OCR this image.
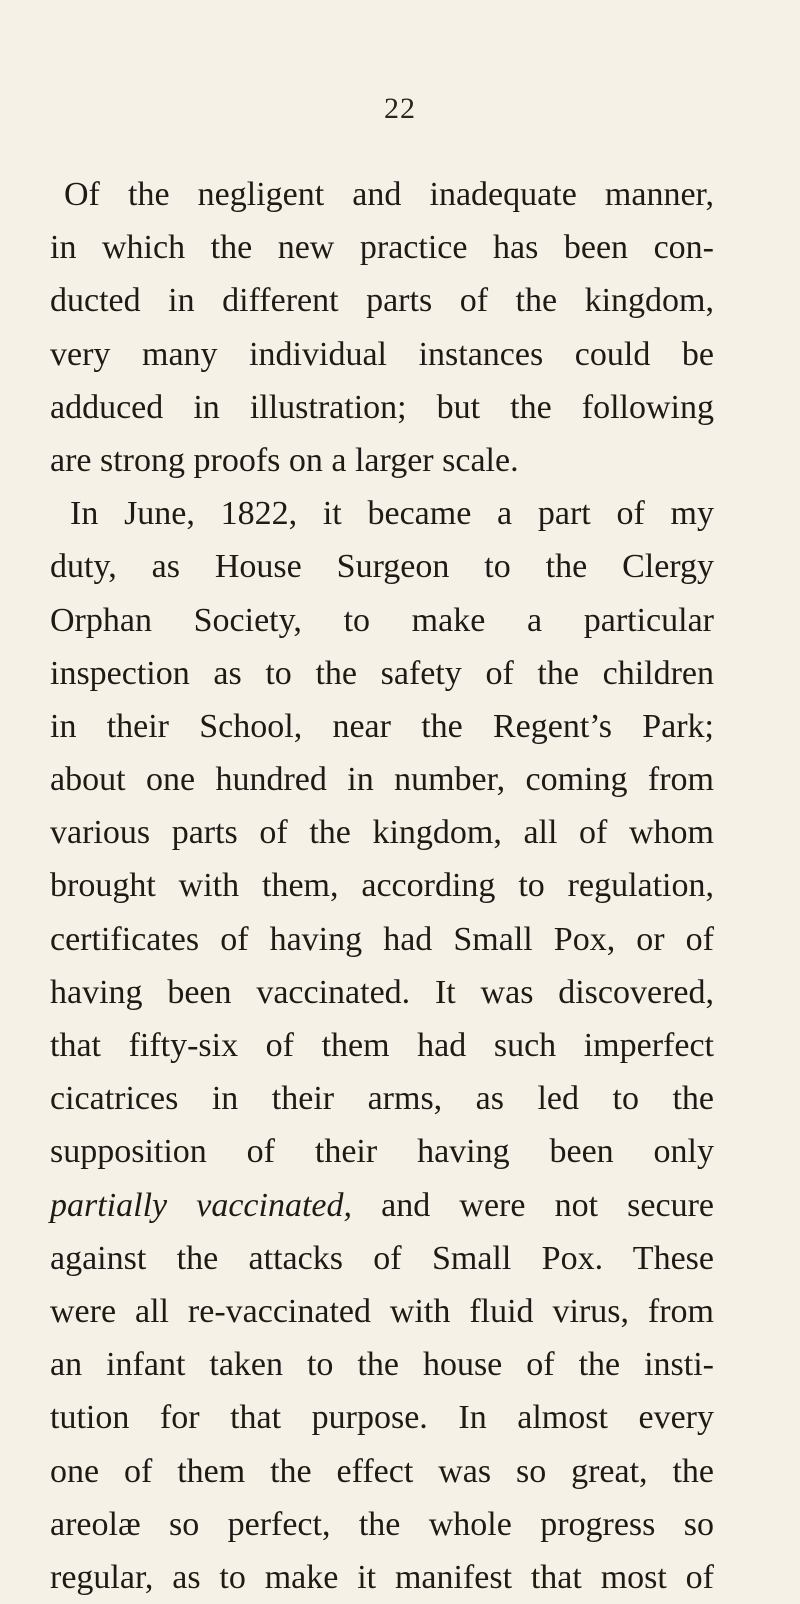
22
Of the negligent and inadequate manner,
in which the new practice has been con-
ducted in different parts of the kingdom,
very many individual instances could be
adduced in illustration; but the following
are strong proofs on a larger scale.
In June, 1822, it became a part of my
duty, as House Surgeon to the Clergy
Orphan Society, to make a particular
inspection as to the safety of the children
in their School, near the Regent’s Park;
about one hundred in number, coming from
various parts of the kingdom, all of whom
brought with them, according to regulation,
certificates of having had Small Pox, or of
having been vaccinated. It was discovered,
that fifty-six of them had such imperfect
cicatrices in their arms, as led to the
supposition of their having been only
partially vaccinated, and were not secure
against the attacks of Small Pox. These
were all re-vaccinated with fluid virus, from
an infant taken to the house of the insti-
tution for that purpose. In almost every
one of them the effect was so great, the
areolæ so perfect, the whole progress so
regular, as to make it manifest that most of
